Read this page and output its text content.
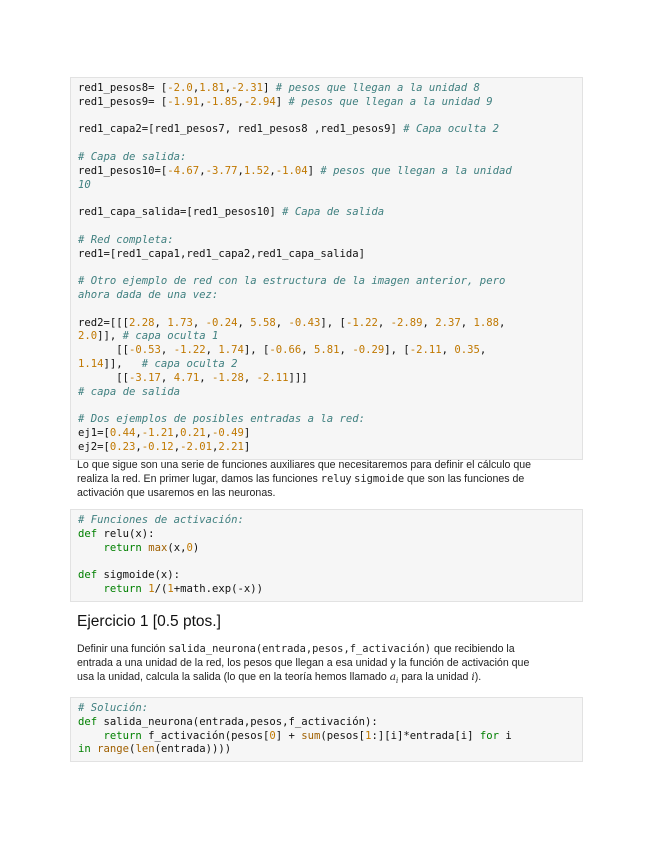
red1_pesos8= [-2.0,1.81,-2.31] # pesos que llegan a la unidad 8
red1_pesos9= [-1.91,-1.85,-2.94] # pesos que llegan a la unidad 9
red1_capa2=[red1_pesos7, red1_pesos8 ,red1_pesos9] # Capa oculta 2
# Capa de salida:
red1_pesos10=[-4.67,-3.77,1.52,-1.04] # pesos que llegan a la unidad
10
red1_capa_salida=[red1_pesos10] # Capa de salida
# Red completa:
red1=[red1_capa1,red1_capa2,red1_capa_salida]
# Otro ejemplo de red con la estructura de la imagen anterior, pero
ahora dada de una vez:
red2=[[[2.28, 1.73, -0.24, 5.58, -0.43], [-1.22, -2.89, 2.37, 1.88,
2.0]], # capa oculta 1
[[-0.53, -1.22, 1.74], [-0.66, 5.81, -0.29], [-2.11, 0.35,
1.14]],   # capa oculta 2
[[-3.17, 4.71, -1.28, -2.11]]]
# capa de salida
# Dos ejemplos de posibles entradas a la red:
ej1=[0.44,-1.21,0.21,-0.49]
ej2=[0.23,-0.12,-2.01,2.21]
Lo que sigue son una serie de funciones auxiliares que necesitaremos para definir el cálculo que
realiza la red. En primer lugar, damos las funciones reluy sigmoide que son las funciones de
activación que usaremos en las neuronas.
# Funciones de activación:
def relu(x):
return max(x,0)
def sigmoide(x):
return 1/(1+math.exp(-x))
Ejercicio 1 [0.5 ptos.]
Definir una función salida_neurona(entrada,pesos,f_activación) que recibiendo la
entrada a una unidad de la red, los pesos que llegan a esa unidad y la función de activación que
usa la unidad, calcula la salida (lo que en la teoría hemos llamado $a_i$ para la unidad i).
# Solución:
def salida_neurona(entrada,pesos,f_activación):
return f_activación(pesos[0] + sum(pesos[1:][i]*entrada[i] for i
in range(len(entrada))))
